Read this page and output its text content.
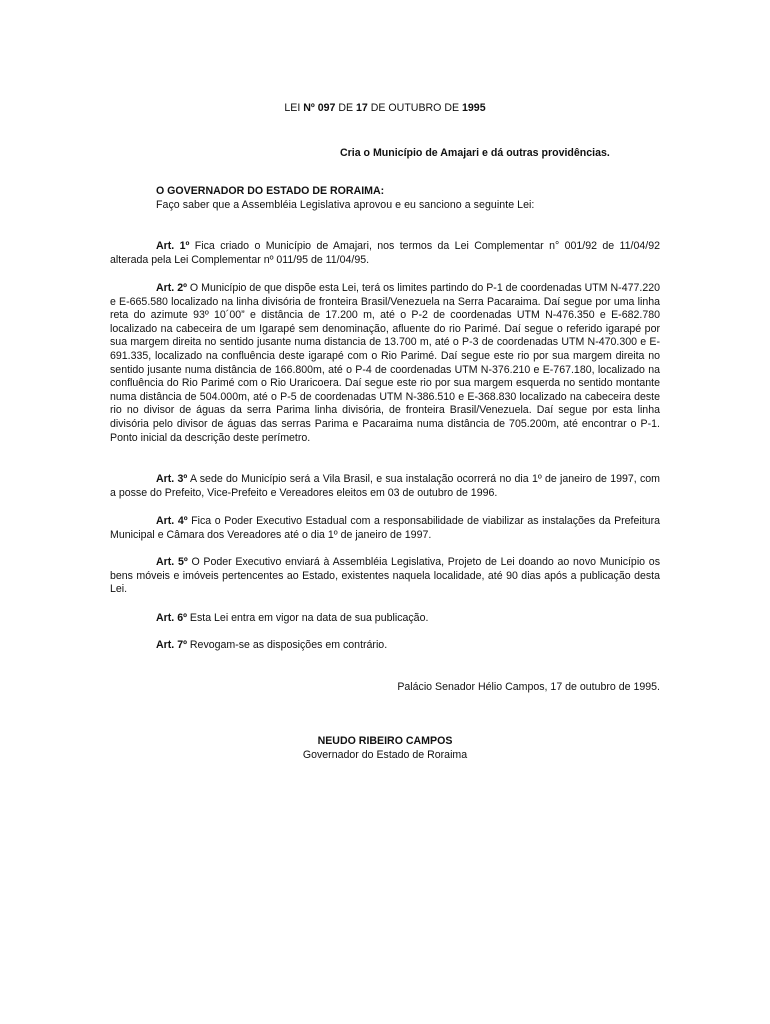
LEI Nº 097 DE 17 DE OUTUBRO DE 1995

Cria o Município de Amajari e dá outras providências.

O GOVERNADOR DO ESTADO DE RORAIMA:

Faço saber que a Assembléia Legislativa aprovou e eu sanciono a seguinte Lei:

Art. 1º Fica criado o Município de Amajari, nos termos da Lei Complementar n° 001/92 de 11/04/92 alterada pela Lei Complementar nº 011/95 de 11/04/95.

Art. 2º O Município de que dispõe esta Lei, terá os limites partindo do P-1 de coordenadas UTM N-477.220 e E-665.580 localizado na linha divisória de fronteira Brasil/Venezuela na Serra Pacaraima. Daí segue por uma linha reta do azimute 93º 10´00” e distância de 17.200 m, até o P-2 de coordenadas UTM N-476.350 e E-682.780 localizado na cabeceira de um Igarapé sem denominação, afluente do rio Parimé. Daí segue o referido igarapé por sua margem direita no sentido jusante numa distancia de 13.700 m, até o P-3 de coordenadas UTM N-470.300 e E-691.335, localizado na confluência deste igarapé com o Rio Parimé. Daí segue este rio por sua margem direita no sentido jusante numa distância de 166.800m, até o P-4 de coordenadas UTM N-376.210 e E-767.180, localizado na confluência do Rio Parimé com o Rio Uraricoera. Daí segue este rio por sua margem esquerda no sentido montante numa distância de 504.000m, até o P-5 de coordenadas UTM N-386.510 e E-368.830 localizado na cabeceira deste rio no divisor de águas da serra Parima linha divisória, de fronteira Brasil/Venezuela. Daí segue por esta linha divisória pelo divisor de águas das serras Parima e Pacaraima numa distância de 705.200m, até encontrar o P-1. Ponto inicial da descrição deste perímetro.

Art. 3º A sede do Município será a Vila Brasil, e sua instalação ocorrerá no dia 1º de janeiro de 1997, com a posse do Prefeito, Vice-Prefeito e Vereadores eleitos em 03 de outubro de 1996.

Art. 4º Fica o Poder Executivo Estadual com a responsabilidade de viabilizar as instalações da Prefeitura Municipal e Câmara dos Vereadores até o dia 1º de janeiro de 1997.

Art. 5º O Poder Executivo enviará à Assembléia Legislativa, Projeto de Lei doando ao novo Município os bens móveis e imóveis pertencentes ao Estado, existentes naquela localidade, até 90 dias após a publicação desta Lei.

Art. 6º Esta Lei entra em vigor na data de sua publicação.

Art. 7º Revogam-se as disposições em contrário.

Palácio Senador Hélio Campos, 17 de outubro de 1995.

NEUDO RIBEIRO CAMPOS

Governador do Estado de Roraima
